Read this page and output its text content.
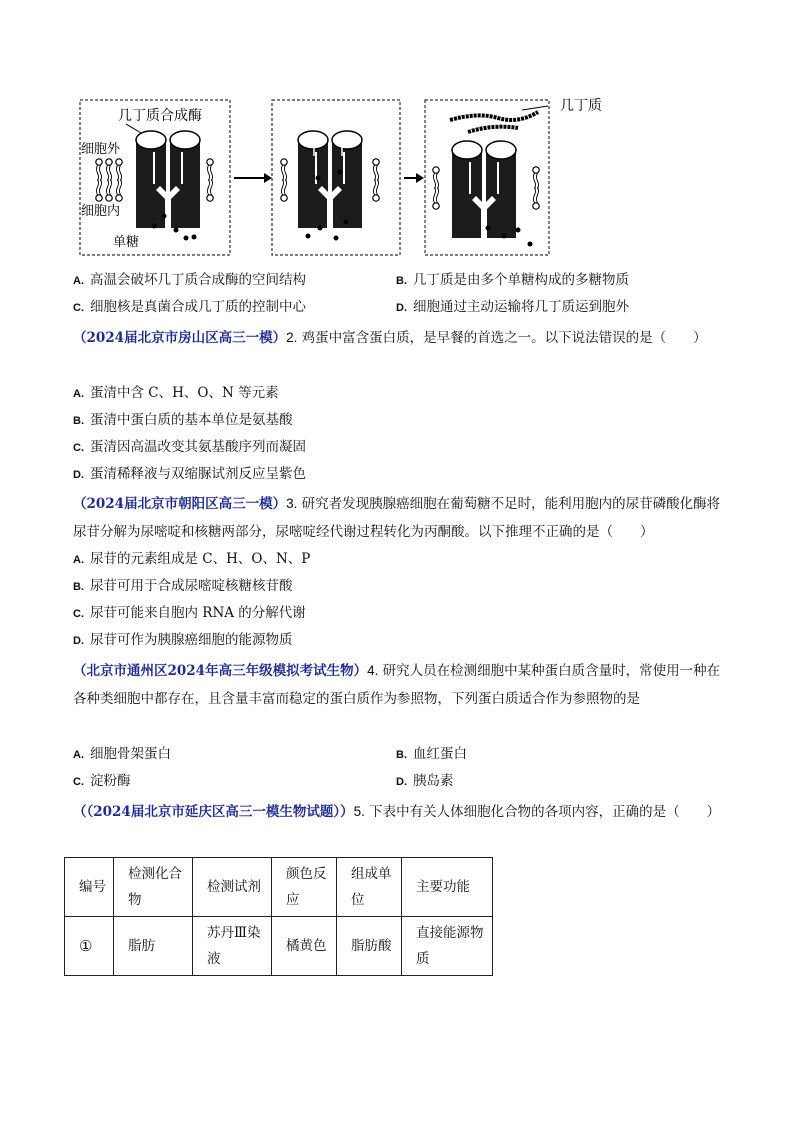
几丁质合成酶
细胞外
细胞内
单糖
几丁质
A. 高温会破坏几丁质合成酶的空间结构	B. 几丁质是由多个单糖构成的多糖物质
C. 细胞核是真菌合成几丁质的控制中心	D. 细胞通过主动运输将几丁质运到胞外
（2024届北京市房山区高三一模）2. 鸡蛋中富含蛋白质，是早餐的首选之一。以下说法错误的是（　　）
A. 蛋清中含 C、H、O、N 等元素
B. 蛋清中蛋白质的基本单位是氨基酸
C. 蛋清因高温改变其氨基酸序列而凝固
D. 蛋清稀释液与双缩脲试剂反应呈紫色
（2024届北京市朝阳区高三一模）3. 研究者发现胰腺癌细胞在葡萄糖不足时，能利用胞内的尿苷磷酸化酶将尿苷分解为尿嘧啶和核糖两部分，尿嘧啶经代谢过程转化为丙酮酸。以下推理不正确的是（　　）
A. 尿苷的元素组成是 C、H、O、N、P
B. 尿苷可用于合成尿嘧啶核糖核苷酸
C. 尿苷可能来自胞内 RNA 的分解代谢
D. 尿苷可作为胰腺癌细胞的能源物质
（北京市通州区2024年高三年级模拟考试生物）4. 研究人员在检测细胞中某种蛋白质含量时，常使用一种在各种类细胞中都存在，且含量丰富而稳定的蛋白质作为参照物，下列蛋白质适合作为参照物的是
A. 细胞骨架蛋白	B. 血红蛋白
C. 淀粉酶	D. 胰岛素
（（2024届北京市延庆区高三一模生物试题））5. 下表中有关人体细胞化合物的各项内容，正确的是（　　）
编号	检测化合物	检测试剂	颜色反应	组成单位	主要功能
①	脂肪	苏丹Ⅲ染液	橘黄色	脂肪酸	直接能源物质
